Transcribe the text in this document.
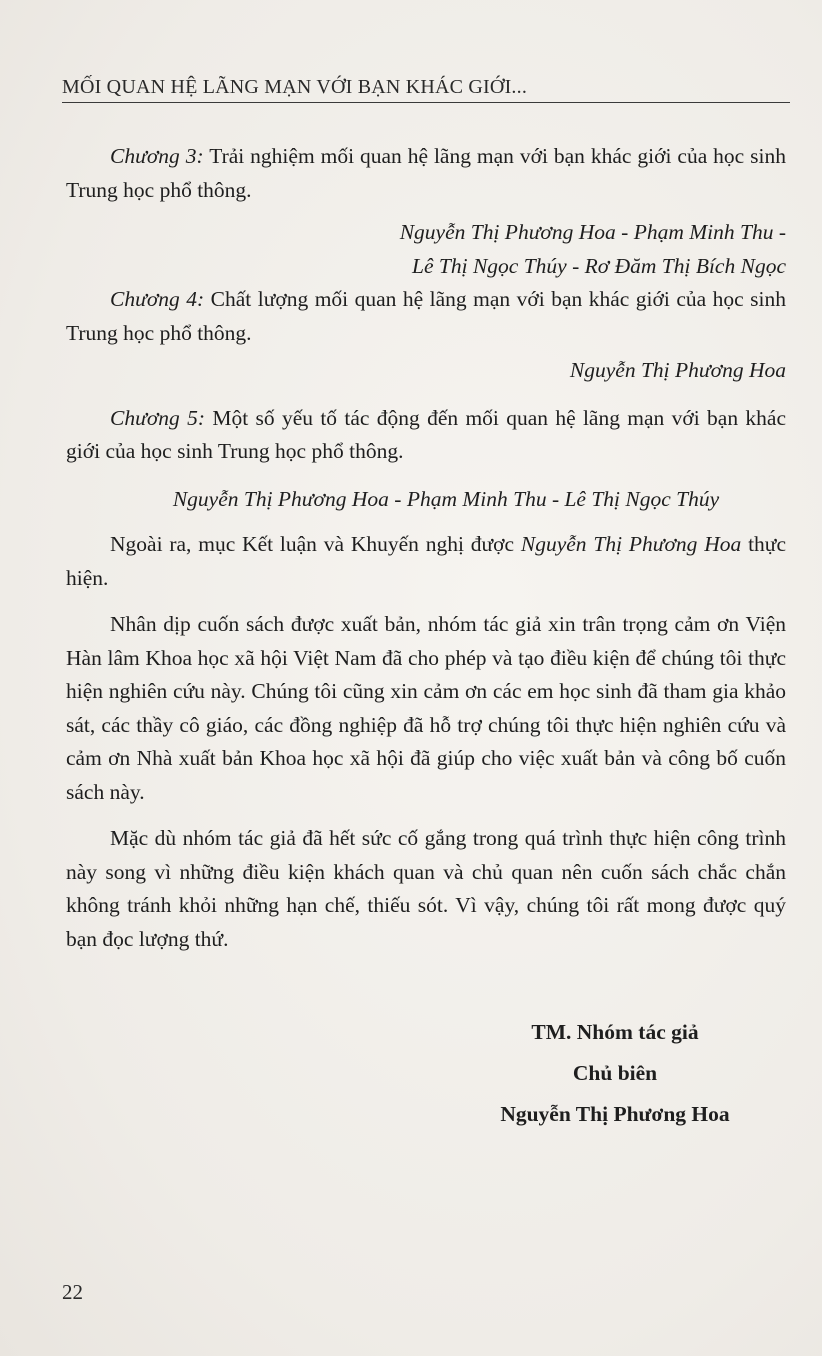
MỐI QUAN HỆ LÃNG MẠN VỚI BẠN KHÁC GIỚI...

Chương 3: Trải nghiệm mối quan hệ lãng mạn với bạn khác giới của học sinh Trung học phổ thông.

Nguyễn Thị Phương Hoa - Phạm Minh Thu -
Lê Thị Ngọc Thúy - Rơ Đăm Thị Bích Ngọc

Chương 4: Chất lượng mối quan hệ lãng mạn với bạn khác giới của học sinh Trung học phổ thông.

Nguyễn Thị Phương Hoa

Chương 5: Một số yếu tố tác động đến mối quan hệ lãng mạn với bạn khác giới của học sinh Trung học phổ thông.

Nguyễn Thị Phương Hoa - Phạm Minh Thu - Lê Thị Ngọc Thúy

Ngoài ra, mục Kết luận và Khuyến nghị được Nguyễn Thị Phương Hoa thực hiện.

Nhân dịp cuốn sách được xuất bản, nhóm tác giả xin trân trọng cảm ơn Viện Hàn lâm Khoa học xã hội Việt Nam đã cho phép và tạo điều kiện để chúng tôi thực hiện nghiên cứu này. Chúng tôi cũng xin cảm ơn các em học sinh đã tham gia khảo sát, các thầy cô giáo, các đồng nghiệp đã hỗ trợ chúng tôi thực hiện nghiên cứu và cảm ơn Nhà xuất bản Khoa học xã hội đã giúp cho việc xuất bản và công bố cuốn sách này.

Mặc dù nhóm tác giả đã hết sức cố gắng trong quá trình thực hiện công trình này song vì những điều kiện khách quan và chủ quan nên cuốn sách chắc chắn không tránh khỏi những hạn chế, thiếu sót. Vì vậy, chúng tôi rất mong được quý bạn đọc lượng thứ.

TM. Nhóm tác giả
Chủ biên
Nguyễn Thị Phương Hoa
22
